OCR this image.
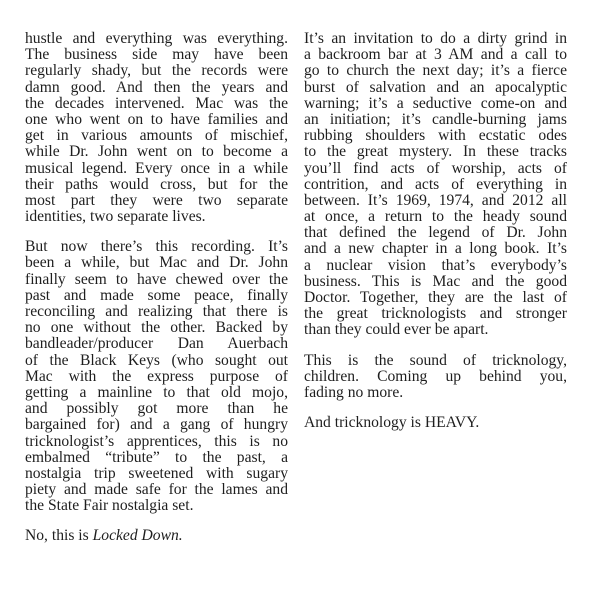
hustle and everything was everything.
The business side may have been
regularly shady, but the records were
damn good. And then the years and
the decades intervened. Mac was the
one who went on to have families and
get in various amounts of mischief,
while Dr. John went on to become a
musical legend. Every once in a while
their paths would cross, but for the
most part they were two separate
identities, two separate lives.
But now there’s this recording. It’s
been a while, but Mac and Dr. John
finally seem to have chewed over the
past and made some peace, finally
reconciling and realizing that there is
no one without the other. Backed by
bandleader/producer Dan Auerbach
of the Black Keys (who sought out
Mac with the express purpose of
getting a mainline to that old mojo,
and possibly got more than he
bargained for) and a gang of hungry
tricknologist’s apprentices, this is no
embalmed “tribute” to the past, a
nostalgia trip sweetened with sugary
piety and made safe for the lames and
the State Fair nostalgia set.
No, this is Locked Down.
It’s an invitation to do a dirty grind in
a backroom bar at 3 AM and a call to
go to church the next day; it’s a fierce
burst of salvation and an apocalyptic
warning; it’s a seductive come-on and
an initiation; it’s candle-burning jams
rubbing shoulders with ecstatic odes
to the great mystery. In these tracks
you’ll find acts of worship, acts of
contrition, and acts of everything in
between. It’s 1969, 1974, and 2012 all
at once, a return to the heady sound
that defined the legend of Dr. John
and a new chapter in a long book. It’s
a nuclear vision that’s everybody’s
business. This is Mac and the good
Doctor. Together, they are the last of
the great tricknologists and stronger
than they could ever be apart.
This is the sound of tricknology,
children. Coming up behind you,
fading no more.
And tricknology is HEAVY.
